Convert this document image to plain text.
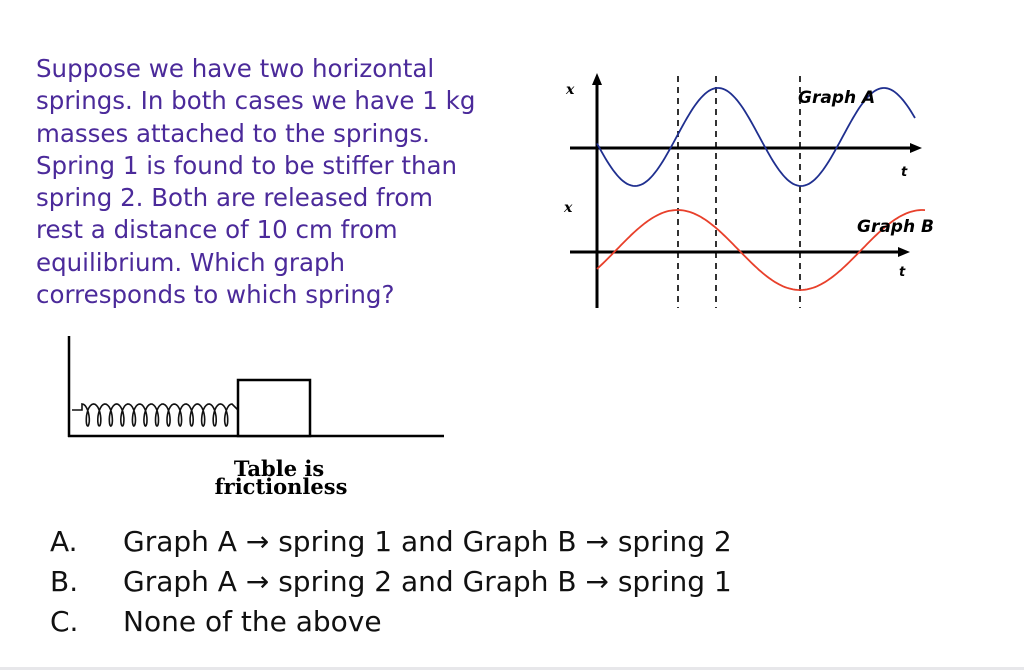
Suppose we have two horizontal
springs. In both cases we have 1 kg
masses attached to the springs.
Spring 1 is found to be stiffer than
spring 2. Both are released from
rest a distance of 10 cm from
equilibrium. Which graph
corresponds to which spring?
x
x
t
t
Graph A
Graph B
Table is
frictionless
A. Graph A → spring 1 and Graph B → spring 2
B. Graph A → spring 2 and Graph B → spring 1
C. None of the above
